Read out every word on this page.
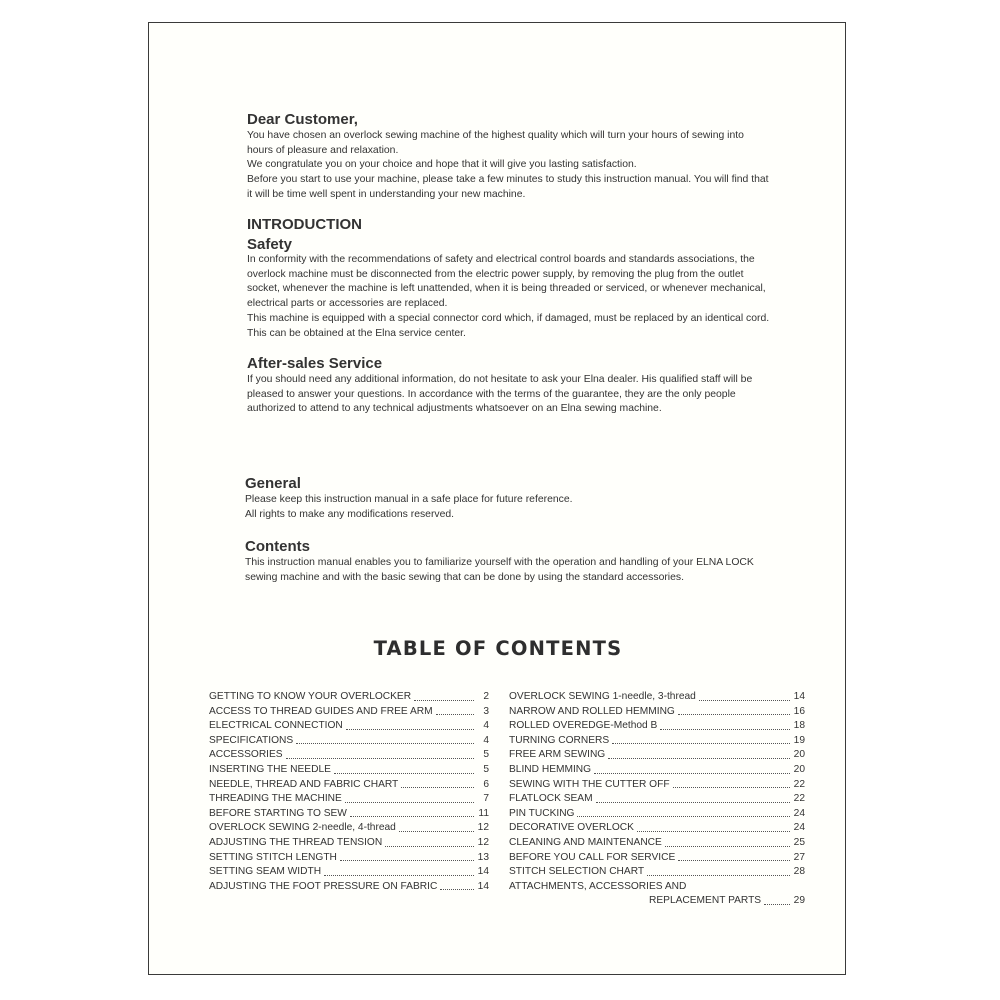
Dear Customer,

You have chosen an overlock sewing machine of the highest quality which will turn your hours of sewing into hours of pleasure and relaxation.

We congratulate you on your choice and hope that it will give you lasting satisfaction.

Before you start to use your machine, please take a few minutes to study this instruction manual. You will find that it will be time well spent in understanding your new machine.

INTRODUCTION
Safety

In conformity with the recommendations of safety and electrical control boards and standards associations, the overlock machine must be disconnected from the electric power supply, by removing the plug from the outlet socket, whenever the machine is left unattended, when it is being threaded or serviced, or whenever mechanical, electrical parts or accessories are replaced.

This machine is equipped with a special connector cord which, if damaged, must be replaced by an identical cord. This can be obtained at the Elna service center.

After-sales Service

If you should need any additional information, do not hesitate to ask your Elna dealer. His qualified staff will be pleased to answer your questions. In accordance with the terms of the guarantee, they are the only people authorized to attend to any technical adjustments whatsoever on an Elna sewing machine.

General

Please keep this instruction manual in a safe place for future reference.

All rights to make any modifications reserved.

Contents

This instruction manual enables you to familiarize yourself with the operation and handling of your ELNA LOCK sewing machine and with the basic sewing that can be done by using the standard accessories.

TABLE OF CONTENTS
GETTING TO KNOW YOUR OVERLOCKER	2
ACCESS TO THREAD GUIDES AND FREE ARM	3
ELECTRICAL CONNECTION	4
SPECIFICATIONS	4
ACCESSORIES	5
INSERTING THE NEEDLE	5
NEEDLE, THREAD AND FABRIC CHART	6
THREADING THE MACHINE	7
BEFORE STARTING TO SEW	11
OVERLOCK SEWING 2-needle, 4-thread	12
ADJUSTING THE THREAD TENSION	12
SETTING STITCH LENGTH	13
SETTING SEAM WIDTH	14
ADJUSTING THE FOOT PRESSURE ON FABRIC	14
OVERLOCK SEWING 1-needle, 3-thread	14
NARROW AND ROLLED HEMMING	16
ROLLED OVEREDGE-Method B	18
TURNING CORNERS	19
FREE ARM SEWING	20
BLIND HEMMING	20
SEWING WITH THE CUTTER OFF	22
FLATLOCK SEAM	22
PIN TUCKING	24
DECORATIVE OVERLOCK	24
CLEANING AND MAINTENANCE	25
BEFORE YOU CALL FOR SERVICE	27
STITCH SELECTION CHART	28
ATTACHMENTS, ACCESSORIES AND
REPLACEMENT PARTS	29
